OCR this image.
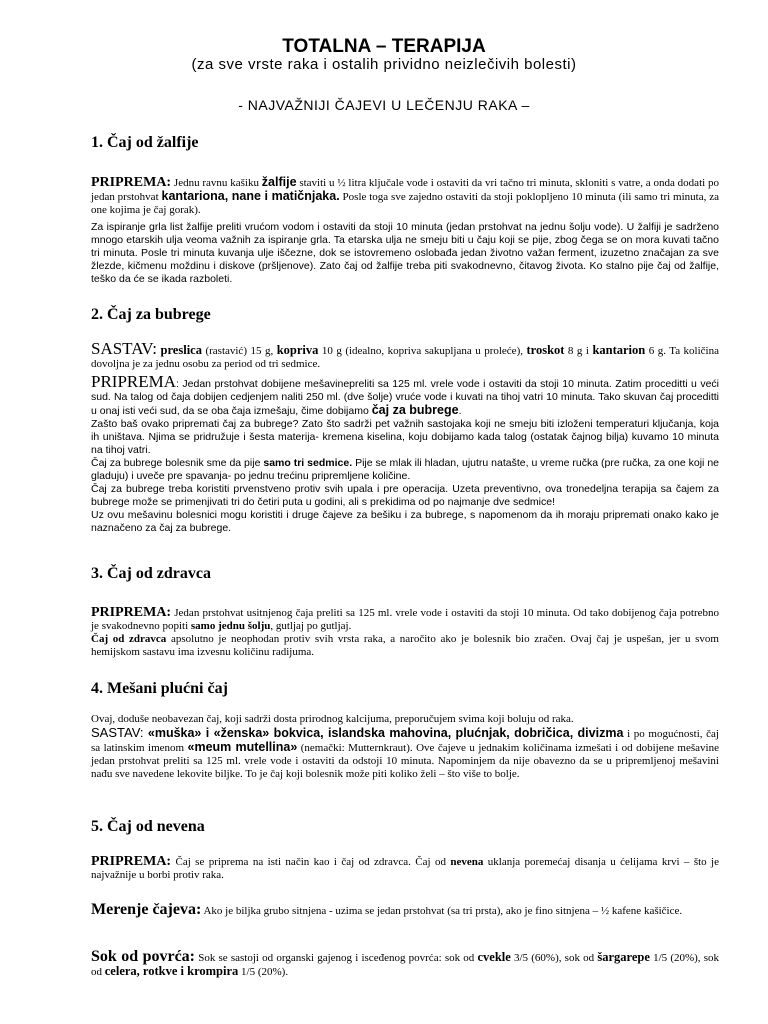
TOTALNA – TERAPIJA
(za sve vrste raka i ostalih prividno neizlečivih bolesti)
- NAJVAŽNIJI ČAJEVI U LEČENJU RAKA –
1. Čaj od žalfije
PRIPREMA: Jednu ravnu kašiku žalfije staviti u ½ litra ključale vode i ostaviti da vri tačno tri minuta, skloniti s vatre, a onda dodati po jedan prstohvat kantariona, nane i matičnjaka. Posle toga sve zajedno ostaviti da stoji poklopljeno 10 minuta (ili samo tri minuta, za one kojima je čaj gorak).
Za ispiranje grla list žalfije preliti vrućom vodom i ostaviti da stoji 10 minuta (jedan prstohvat na jednu šolju vode). U žalfiji je sadrženo mnogo etarskih ulja veoma važnih za ispiranje grla. Ta etarska ulja ne smeju biti u čaju koji se pije, zbog čega se on mora kuvati tačno tri minuta. Posle tri minuta kuvanja ulje iščezne, dok se istovremeno oslobađa jedan životno važan ferment, izuzetno značajan za sve žlezde, kičmenu moždinu i diskove (pršljenove). Zato čaj od žalfije treba piti svakodnevno, čitavog života. Ko stalno pije čaj od žalfije, teško da će se ikada razboleti.
2. Čaj za bubrege
SASTAV: preslica (rastavić) 15 g, kopriva 10 g (idealno, kopriva sakupljana u proleće), troskot 8 g i kantarion 6 g. Ta količina dovoljna je za jednu osobu za period od tri sedmice.
PRIPREMA: Jedan prstohvat dobijene mešavinepreliti sa 125 ml. vrele vode i ostaviti da stoji 10 minuta. Zatim proceditti u veći sud. Na talog od čaja dobijen cedjenjem naliti 250 ml. (dve šolje) vruće vode i kuvati na tihoj vatri 10 minuta. Tako skuvan čaj proceditti u onaj isti veći sud, da se oba čaja izmešaju, čime dobijamo čaj za bubrege.
Zašto baš ovako pripremati čaj za bubrege? Zato što sadrži pet važnih sastojaka koji ne smeju biti izloženi temperaturi ključanja, koja ih uništava. Njima se pridružuje i šesta materija- kremena kiselina, koju dobijamo kada talog (ostatak čajnog bilja) kuvamo 10 minuta na tihoj vatri.
Čaj za bubrege bolesnik sme da pije samo tri sedmice. Pije se mlak ili hladan, ujutru natašte, u vreme ručka (pre ručka, za one koji ne gladuju) i uveče pre spavanja- po jednu trećinu pripremljene količine.
Čaj za bubrege treba koristiti prvenstveno protiv svih upala i pre operacija. Uzeta preventivno, ova tronedeljna terapija sa čajem za bubrege može se primenjivati tri do četiri puta u godini, ali s prekidima od po najmanje dve sedmice!
Uz ovu mešavinu bolesnici mogu koristiti i druge čajeve za bešiku i za bubrege, s napomenom da ih moraju pripremati onako kako je naznačeno za čaj za bubrege.
3. Čaj od zdravca
PRIPREMA: Jedan prstohvat usitnjenog čaja preliti sa 125 ml. vrele vode i ostaviti da stoji 10 minuta. Od tako dobijenog čaja potrebno je svakodnevno popiti samo jednu šolju, gutljaj po gutljaj.
Čaj od zdravca apsolutno je neophodan protiv svih vrsta raka, a naročito ako je bolesnik bio zračen. Ovaj čaj je uspešan, jer u svom hemijskom sastavu ima izvesnu količinu radijuma.
4. Mešani plućni čaj
Ovaj, doduše neobavezan čaj, koji sadrži dosta prirodnog kalcijuma, preporučujem svima koji boluju od raka.
SASTAV: «muška» i «ženska» bokvica, islandska mahovina, plućnjak, dobričica, divizma i po mogućnosti, čaj sa latinskim imenom «meum mutellina» (nemački: Mutternkraut). Ove čajeve u jednakim količinama izmešati i od dobijene mešavine jedan prstohvat preliti sa 125 ml. vrele vode i ostaviti da odstoji 10 minuta. Napominjem da nije obavezno da se u pripremljenoj mešavini nađu sve navedene lekovite biljke. To je čaj koji bolesnik može piti koliko želi – što više to bolje.
5. Čaj od nevena
PRIPREMA: Čaj se priprema na isti način kao i čaj od zdravca. Čaj od nevena uklanja poremećaj disanja u ćelijama krvi – što je najvažnije u borbi protiv raka.
Merenje čajeva: Ako je biljka grubo sitnjena - uzima se jedan prstohvat (sa tri prsta), ako je fino sitnjena – ½ kafene kašičice.
Sok od povrća: Sok se sastoji od organski gajenog i isceđenog povrća: sok od cvekle 3/5 (60%), sok od šargarepe 1/5 (20%), sok od celera, rotkve i krompira 1/5 (20%).
